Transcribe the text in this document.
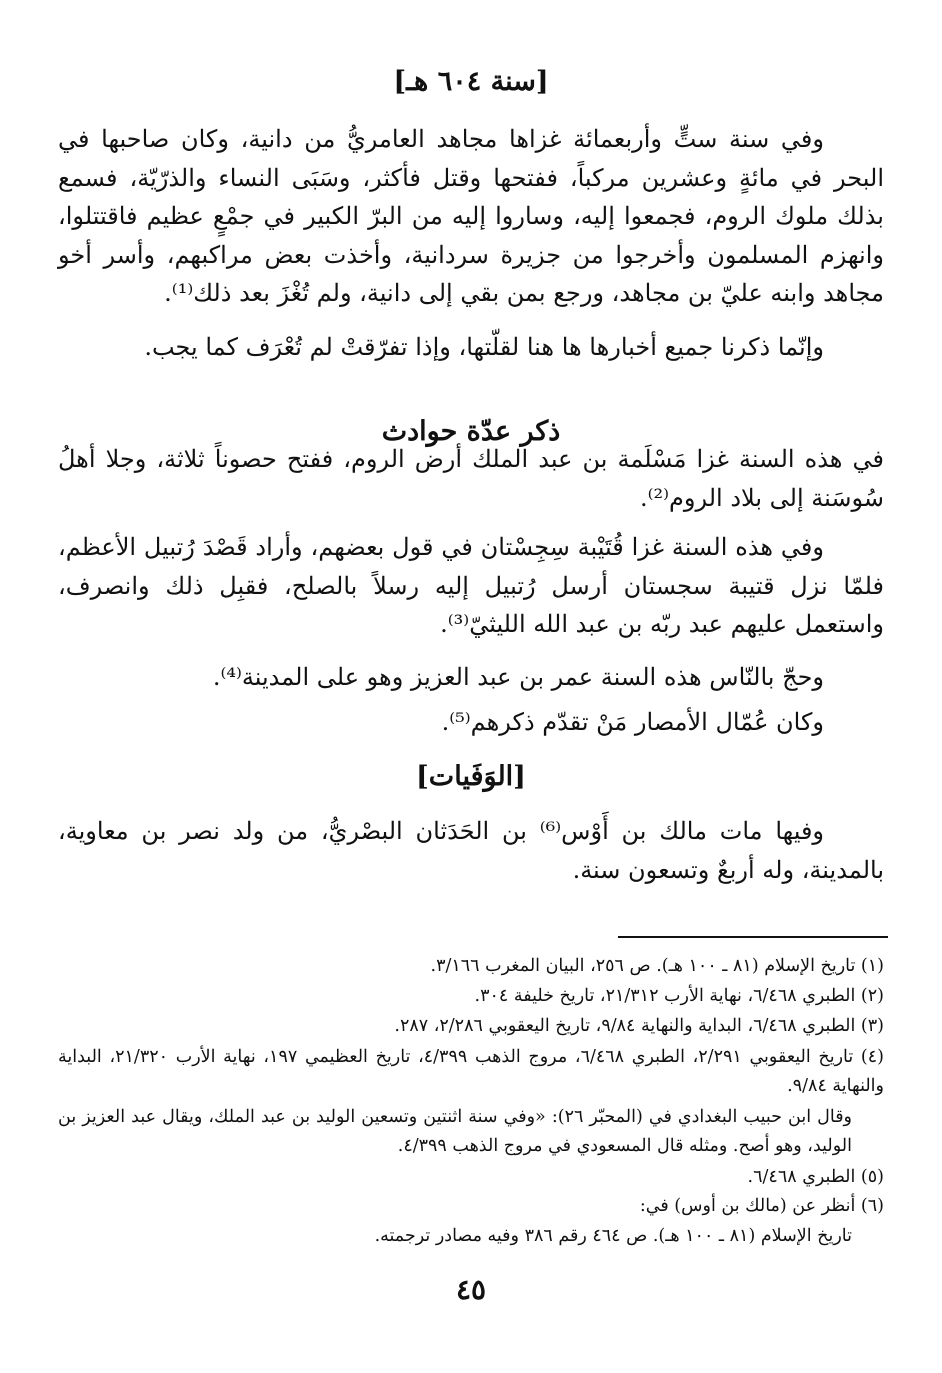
[سنة ٦٠٤ هـ]

وفي سنة ستٍّ وأربعمائة غزاها مجاهد العامريُّ من دانية، وكان صاحبها في البحر في مائةٍ وعشرين مركباً، ففتحها وقتل فأكثر، وسَبَى النساء والذرّيّة، فسمع بذلك ملوك الروم، فجمعوا إليه، وساروا إليه من البرّ الكبير في جمْعٍ عظيم فاقتتلوا، وانهزم المسلمون وأخرجوا من جزيرة سردانية، وأخذت بعض مراكبهم، وأسر أخو مجاهد وابنه عليّ بن مجاهد، ورجع بمن بقي إلى دانية، ولم تُغْزَ بعد ذلك⁽¹⁾.

وإنّما ذكرنا جميع أخبارها ها هنا لقلّتها، وإذا تفرّقتْ لم تُعْرَف كما يجب.

ذكر عدّة حوادث

في هذه السنة غزا مَسْلَمة بن عبد الملك أرض الروم، ففتح حصوناً ثلاثة، وجلا أهلُ سُوسَنة إلى بلاد الروم⁽²⁾.

وفي هذه السنة غزا قُتَيْبة سِجِسْتان في قول بعضهم، وأراد قَصْدَ رُتبيل الأعظم، فلمّا نزل قتيبة سجستان أرسل رُتبيل إليه رسلاً بالصلح، فقبِل ذلك وانصرف، واستعمل عليهم عبد ربّه بن عبد الله الليثيّ⁽³⁾.

وحجّ بالنّاس هذه السنة عمر بن عبد العزيز وهو على المدينة⁽⁴⁾.

وكان عُمّال الأمصار مَنْ تقدّم ذكرهم⁽⁵⁾.

[الوَفَيات]

وفيها مات مالك بن أَوْس⁽⁶⁾ بن الحَدَثان البصْريُّ، من ولد نصر بن معاوية، بالمدينة، وله أربعٌ وتسعون سنة.

(١) تاريخ الإسلام (٨١ ـ ١٠٠ هـ). ص ٢٥٦، البيان المغرب ٣/١٦٦.

(٢) الطبري ٦/٤٦٨، نهاية الأرب ٢١/٣١٢، تاريخ خليفة ٣٠٤.

(٣) الطبري ٦/٤٦٨، البداية والنهاية ٩/٨٤، تاريخ اليعقوبي ٢/٢٨٦، ٢٨٧.

(٤) تاريخ اليعقوبي ٢/٢٩١، الطبري ٦/٤٦٨، مروج الذهب ٤/٣٩٩، تاريخ العظيمي ١٩٧، نهاية الأرب ٢١/٣٢٠، البداية والنهاية ٩/٨٤.

وقال ابن حبيب البغدادي في (المحبّر ٢٦): «وفي سنة اثنتين وتسعين الوليد بن عبد الملك، ويقال عبد العزيز بن الوليد، وهو أصح. ومثله قال المسعودي في مروج الذهب ٤/٣٩٩.

(٥) الطبري ٦/٤٦٨.

(٦) أنظر عن (مالك بن أوس) في:

تاريخ الإسلام (٨١ ـ ١٠٠ هـ). ص ٤٦٤ رقم ٣٨٦ وفيه مصادر ترجمته.

٤٥
